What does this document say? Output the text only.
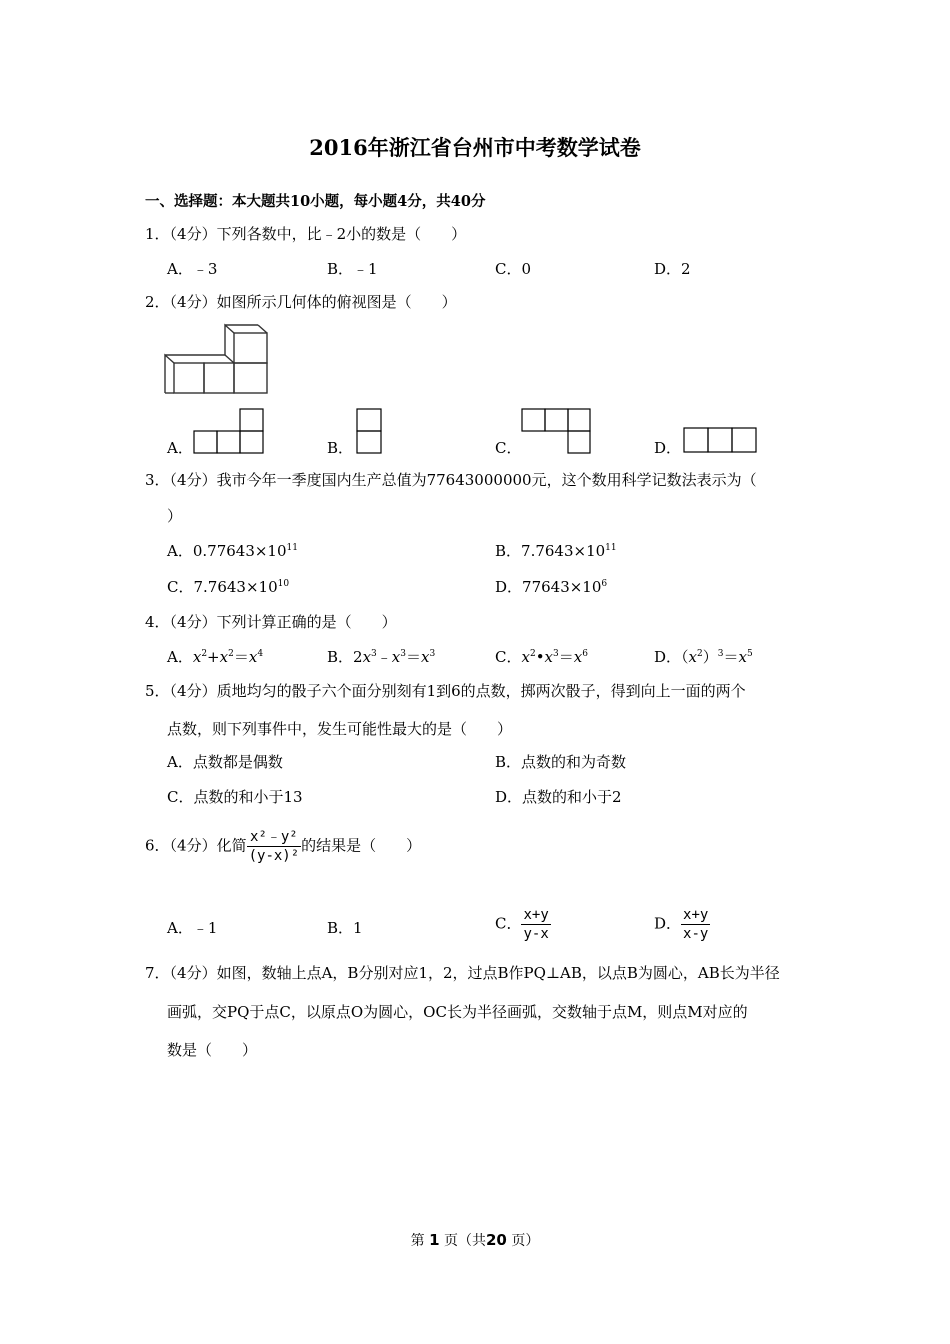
2016年浙江省台州市中考数学试卷
一、选择题：本大题共10小题，每小题4分，共40分
1．（4分）下列各数中，比﹣2小的数是（　　）
A．﹣3	B．﹣1	C．0	D．2
2．（4分）如图所示几何体的俯视图是（　　）
A．	B．	C．	D．
3．（4分）我市今年一季度国内生产总值为77643000000元，这个数用科学记数法表示为（
）
A．$0.77643\times 10^{11}$	B．$7.7643\times 10^{11}$
C．$7.7643\times 10^{10}$	D．$77643\times 10^6$
4．（4分）下列计算正确的是（　　）
A．$x^2+x^2=x^4$	B．$2x^3﹣x^3=x^3$	C．$x^2•x^3=x^6$	D．$(x^2)^3=x^5$
5．（4分）质地均匀的骰子六个面分别刻有1到6的点数，掷两次骰子，得到向上一面的两个
点数，则下列事件中，发生可能性最大的是（　　）
A．点数都是偶数	B．点数的和为奇数
C．点数的和小于13	D．点数的和小于2
6．（4分）化简 $\frac{\text{x²﹣y²}}{\text{(y-x)²}}$ 的结果是（　　）
A．﹣1	B．1	C． $\frac{x+y}{y-x}$	D． $\frac{x+y}{x-y}$
7．（4分）如图，数轴上点A，B分别对应1，2，过点B作PQ⊥AB，以点B为圆心，AB长为半径
画弧，交PQ于点C，以原点O为圆心，OC长为半径画弧，交数轴于点M，则点M对应的
数是（　　）
第 1 页（共20 页）
